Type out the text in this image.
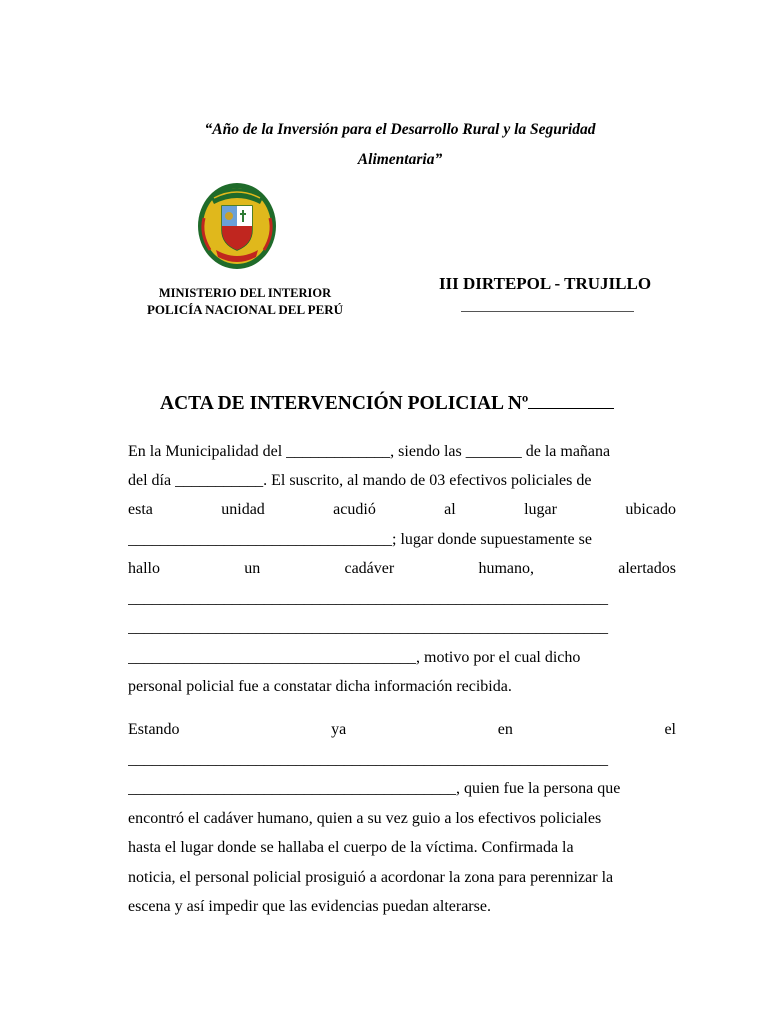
“Año de la Inversión para el Desarrollo Rural y la Seguridad
Alimentaria”
MINISTERIO DEL INTERIOR
POLICÍA NACIONAL DEL PERÚ
III DIRTEPOL - TRUJILLO
ACTA DE INTERVENCIÓN POLICIAL Nº
En la Municipalidad del _____________, siendo las _______ de la mañana
del día ___________. El suscrito, al mando de 03 efectivos policiales de
esta unidad acudió al lugar ubicado
_________________________________; lugar donde supuestamente se
hallo un cadáver humano, alertados
____________________________________________________________
____________________________________________________________
____________________________________, motivo por el cual dicho
personal policial fue a constatar dicha información recibida.
Estando ya en el
____________________________________________________________
_________________________________________, quien fue la persona que
encontró el cadáver humano, quien a su vez guio a los efectivos policiales
hasta el lugar donde se hallaba el cuerpo de la víctima. Confirmada la
noticia, el personal policial prosiguió a acordonar la zona para perennizar la
escena y así impedir que las evidencias puedan alterarse.
